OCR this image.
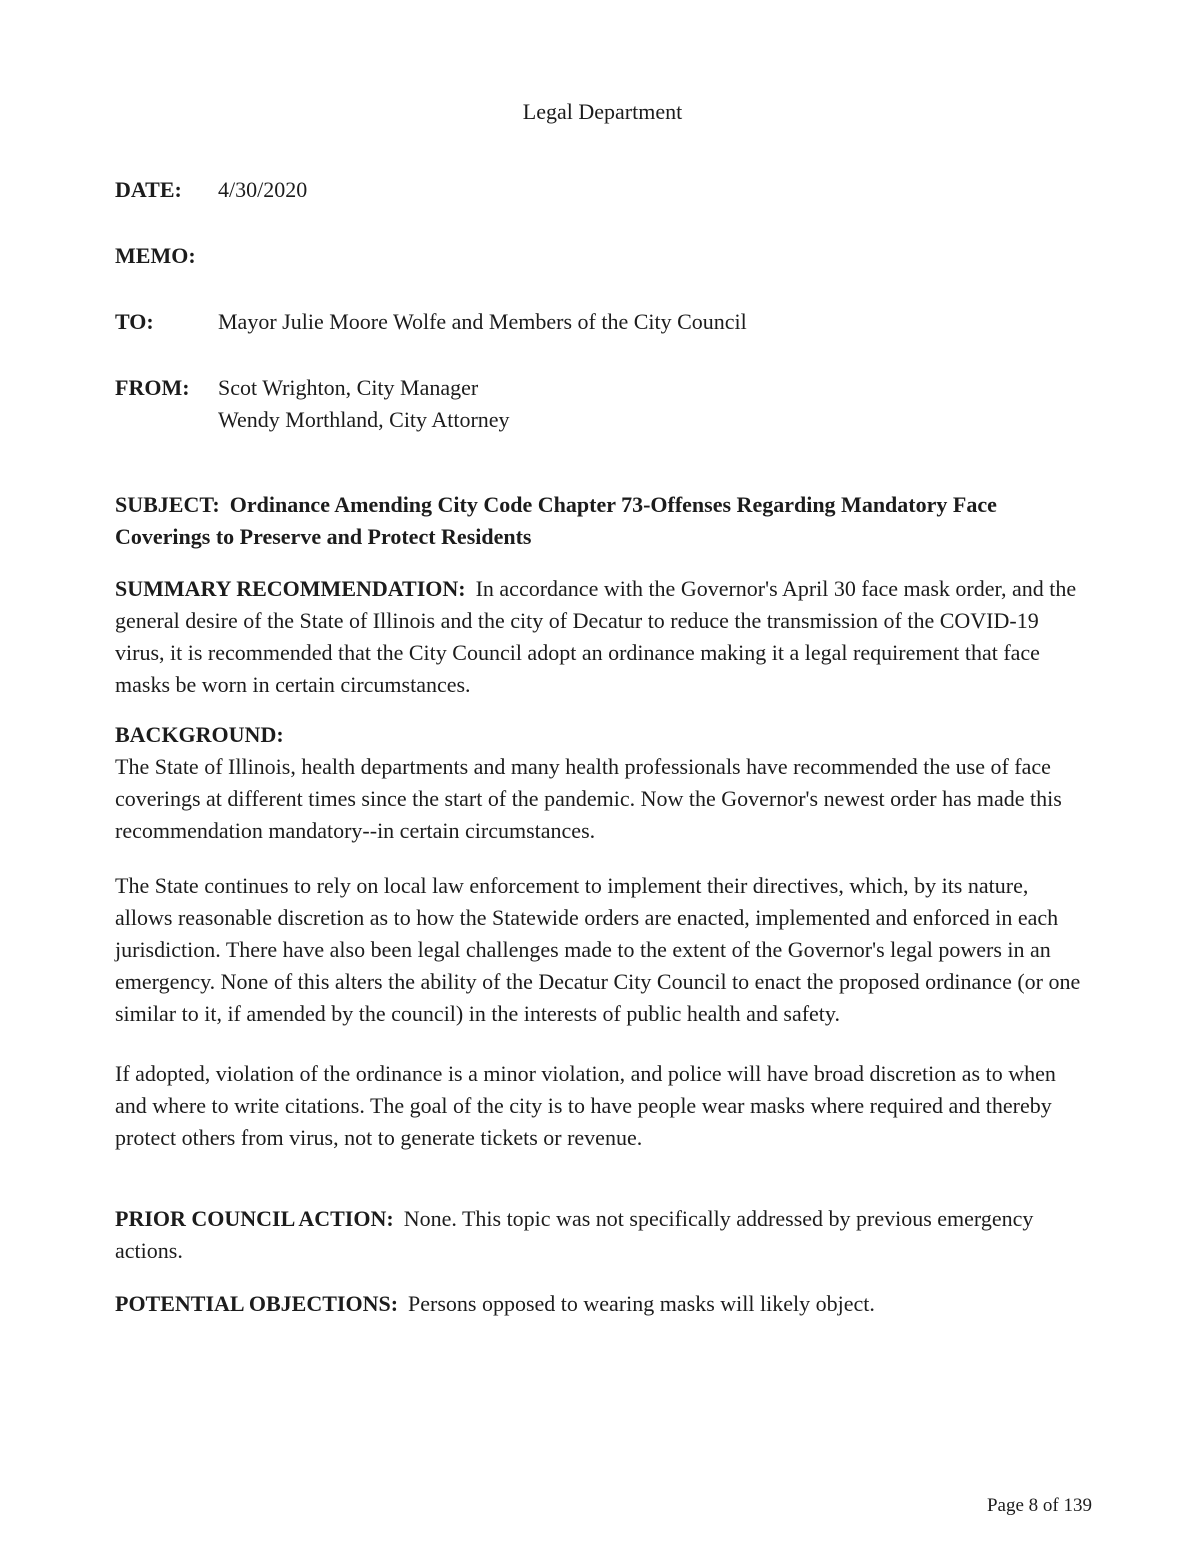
Legal Department
DATE:	4/30/2020
MEMO:
TO:	Mayor Julie Moore Wolfe and Members of the City Council
FROM:	Scot Wrighton, City Manager
Wendy Morthland, City Attorney

SUBJECT: Ordinance Amending City Code Chapter 73-Offenses Regarding Mandatory Face Coverings to Preserve and Protect Residents

SUMMARY RECOMMENDATION: In accordance with the Governor's April 30 face mask order, and the general desire of the State of Illinois and the city of Decatur to reduce the transmission of the COVID-19 virus, it is recommended that the City Council adopt an ordinance making it a legal requirement that face masks be worn in certain circumstances.

BACKGROUND:

The State of Illinois, health departments and many health professionals have recommended the use of face coverings at different times since the start of the pandemic. Now the Governor's newest order has made this recommendation mandatory--in certain circumstances.

The State continues to rely on local law enforcement to implement their directives, which, by its nature, allows reasonable discretion as to how the Statewide orders are enacted, implemented and enforced in each jurisdiction. There have also been legal challenges made to the extent of the Governor's legal powers in an emergency. None of this alters the ability of the Decatur City Council to enact the proposed ordinance (or one similar to it, if amended by the council) in the interests of public health and safety.

If adopted, violation of the ordinance is a minor violation, and police will have broad discretion as to when and where to write citations. The goal of the city is to have people wear masks where required and thereby protect others from virus, not to generate tickets or revenue.

PRIOR COUNCIL ACTION: None. This topic was not specifically addressed by previous emergency actions.

POTENTIAL OBJECTIONS: Persons opposed to wearing masks will likely object.

Page 8 of 139
